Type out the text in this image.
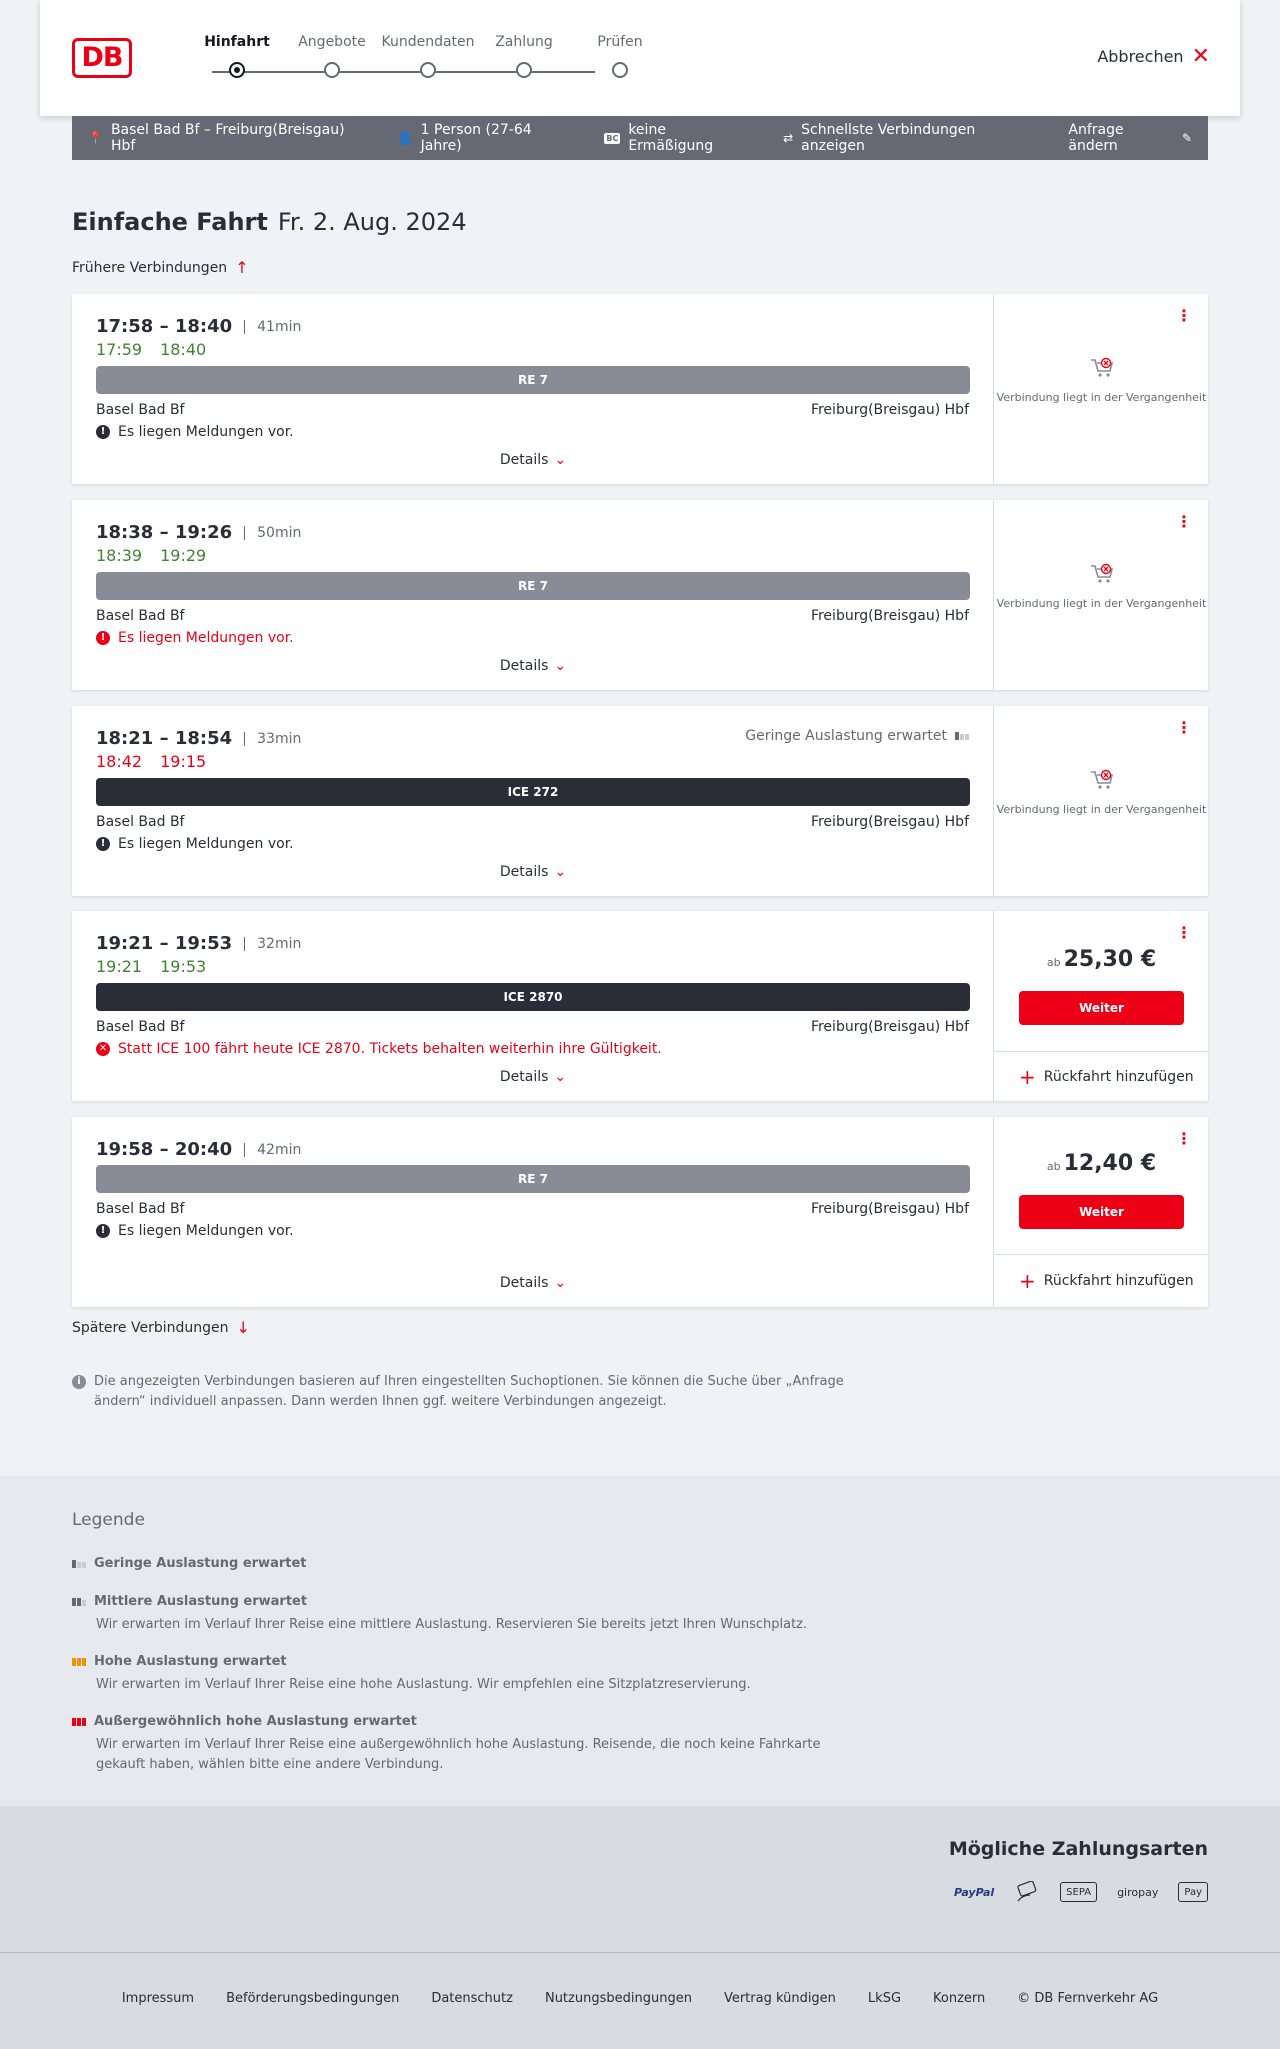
DB	Hinfahrt	Angebote	Kundendaten	Zahlung	Prüfen
Abbrechen ✕
📍 Basel Bad Bf – Freiburg(Breisgau) Hbf	👤 1 Person (27-64 Jahre)	BC keine Ermäßigung	⇄ Schnellste Verbindungen anzeigen
Anfrage ändern	✎
Einfache Fahrt Fr. 2. Aug. 2024
Frühere Verbindungen ↑
17:58 – 18:40	41min
17:59 18:40
RE 7
Basel Bad Bf	Freiburg(Breisgau) Hbf
! Es liegen Meldungen vor.
Details ⌄
⋮
Verbindung liegt in der Vergangenheit
18:38 – 19:26	50min
18:39 19:29
RE 7
Basel Bad Bf	Freiburg(Breisgau) Hbf
! Es liegen Meldungen vor.
Details ⌄
⋮
Verbindung liegt in der Vergangenheit
18:21 – 18:54	33min	Geringe Auslastung erwartet
18:42 19:15
ICE 272
Basel Bad Bf	Freiburg(Breisgau) Hbf
! Es liegen Meldungen vor.
Details ⌄
⋮
Verbindung liegt in der Vergangenheit
19:21 – 19:53	32min
19:21 19:53
ICE 2870
Basel Bad Bf	Freiburg(Breisgau) Hbf
✕ Statt ICE 100 fährt heute ICE 2870. Tickets behalten weiterhin ihre Gültigkeit.
Details ⌄
⋮
ab 25,30 €
Weiter
+ Rückfahrt hinzufügen
19:58 – 20:40	42min
RE 7
Basel Bad Bf	Freiburg(Breisgau) Hbf
! Es liegen Meldungen vor.
Details ⌄
⋮
ab 12,40 €
Weiter
+ Rückfahrt hinzufügen
Spätere Verbindungen ↓
i	Die angezeigten Verbindungen basieren auf Ihren eingestellten Suchoptionen. Sie können die Suche über „Anfrage ändern“ individuell anpassen. Dann werden Ihnen ggf. weitere Verbindungen angezeigt.
Legende
Geringe Auslastung erwartet
Mittlere Auslastung erwartet
Wir erwarten im Verlauf Ihrer Reise eine mittlere Auslastung. Reservieren Sie bereits jetzt Ihren Wunschplatz.
Hohe Auslastung erwartet
Wir erwarten im Verlauf Ihrer Reise eine hohe Auslastung. Wir empfehlen eine Sitzplatzreservierung.
Außergewöhnlich hohe Auslastung erwartet
Wir erwarten im Verlauf Ihrer Reise eine außergewöhnlich hohe Auslastung. Reisende, die noch keine Fahrkarte gekauft haben, wählen bitte eine andere Verbindung.
Mögliche Zahlungsarten
PayPal	SEPA giropay	Pay
Impressum Beförderungsbedingungen Datenschutz Nutzungsbedingungen Vertrag kündigen LkSG Konzern © DB Fernverkehr AG
